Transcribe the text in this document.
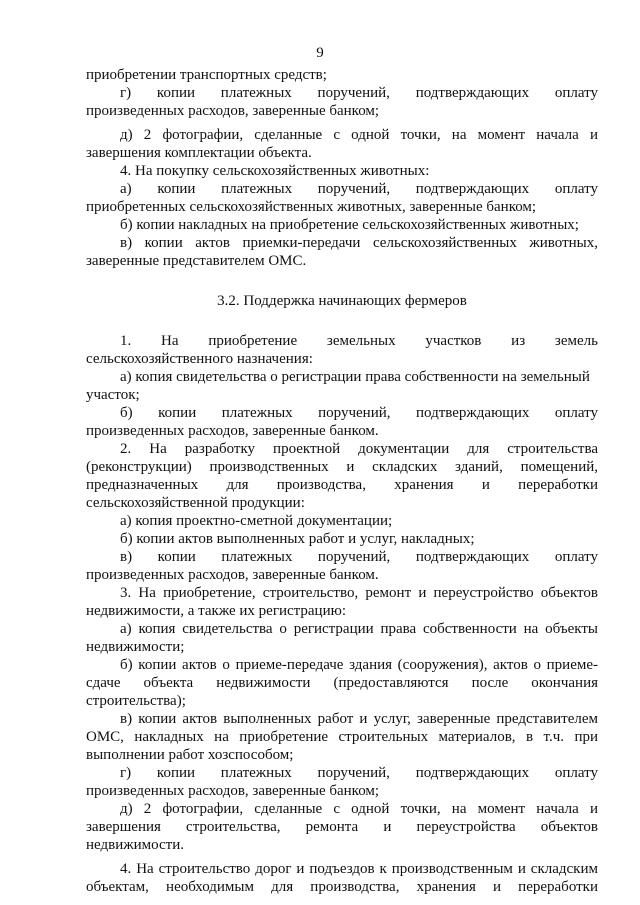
9
приобретении транспортных средств;
г) копии платежных поручений, подтверждающих оплату
произведенных расходов, заверенные банком;
д) 2 фотографии, сделанные с одной точки, на момент начала и
завершения комплектации объекта.
4. На покупку сельскохозяйственных животных:
а) копии платежных поручений, подтверждающих оплату
приобретенных сельскохозяйственных животных, заверенные банком;
б) копии накладных на приобретение сельскохозяйственных животных;
в) копии актов приемки-передачи сельскохозяйственных животных,
заверенные представителем ОМС.
3.2. Поддержка начинающих фермеров
1. На приобретение земельных участков из земель
сельскохозяйственного назначения:
а) копия свидетельства о регистрации права собственности на земельный
участок;
б) копии платежных поручений, подтверждающих оплату
произведенных расходов, заверенные банком.
2. На разработку проектной документации для строительства
(реконструкции) производственных и складских зданий, помещений,
предназначенных для производства, хранения и переработки
сельскохозяйственной продукции:
а) копия проектно-сметной документации;
б) копии актов выполненных работ и услуг, накладных;
в) копии платежных поручений, подтверждающих оплату
произведенных расходов, заверенные банком.
3. На приобретение, строительство, ремонт и переустройство объектов
недвижимости, а также их регистрацию:
а) копия свидетельства о регистрации права собственности на объекты
недвижимости;
б) копии актов о приеме-передаче здания (сооружения), актов о приеме-
сдаче объекта недвижимости (предоставляются после окончания
строительства);
в) копии актов выполненных работ и услуг, заверенные представителем
ОМС, накладных на приобретение строительных материалов, в т.ч. при
выполнении работ хозспособом;
г) копии платежных поручений, подтверждающих оплату
произведенных расходов, заверенные банком;
д) 2 фотографии, сделанные с одной точки, на момент начала и
завершения строительства, ремонта и переустройства объектов
недвижимости.
4. На строительство дорог и подъездов к производственным и складским
объектам, необходимым для производства, хранения и переработки
